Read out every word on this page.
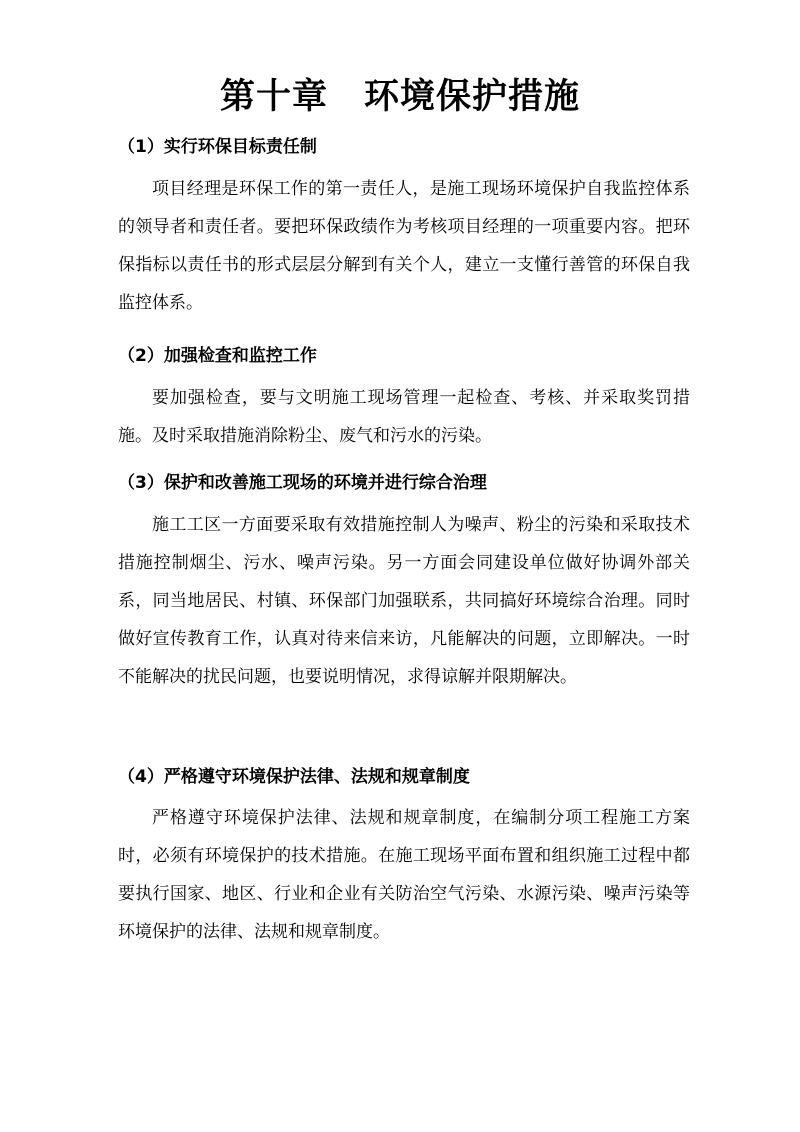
第十章　环境保护措施
（1）实行环保目标责任制
项目经理是环保工作的第一责任人，是施工现场环境保护自我监控体系的领导者和责任者。要把环保政绩作为考核项目经理的一项重要内容。把环保指标以责任书的形式层层分解到有关个人，建立一支懂行善管的环保自我监控体系。
（2）加强检查和监控工作
要加强检查，要与文明施工现场管理一起检查、考核、并采取奖罚措施。及时采取措施消除粉尘、废气和污水的污染。
（3）保护和改善施工现场的环境并进行综合治理
施工工区一方面要采取有效措施控制人为噪声、粉尘的污染和采取技术措施控制烟尘、污水、噪声污染。另一方面会同建设单位做好协调外部关系，同当地居民、村镇、环保部门加强联系，共同搞好环境综合治理。同时做好宣传教育工作，认真对待来信来访，凡能解决的问题，立即解决。一时不能解决的扰民问题，也要说明情况，求得谅解并限期解决。
（4）严格遵守环境保护法律、法规和规章制度
严格遵守环境保护法律、法规和规章制度，在编制分项工程施工方案时，必须有环境保护的技术措施。在施工现场平面布置和组织施工过程中都要执行国家、地区、行业和企业有关防治空气污染、水源污染、噪声污染等环境保护的法律、法规和规章制度。
